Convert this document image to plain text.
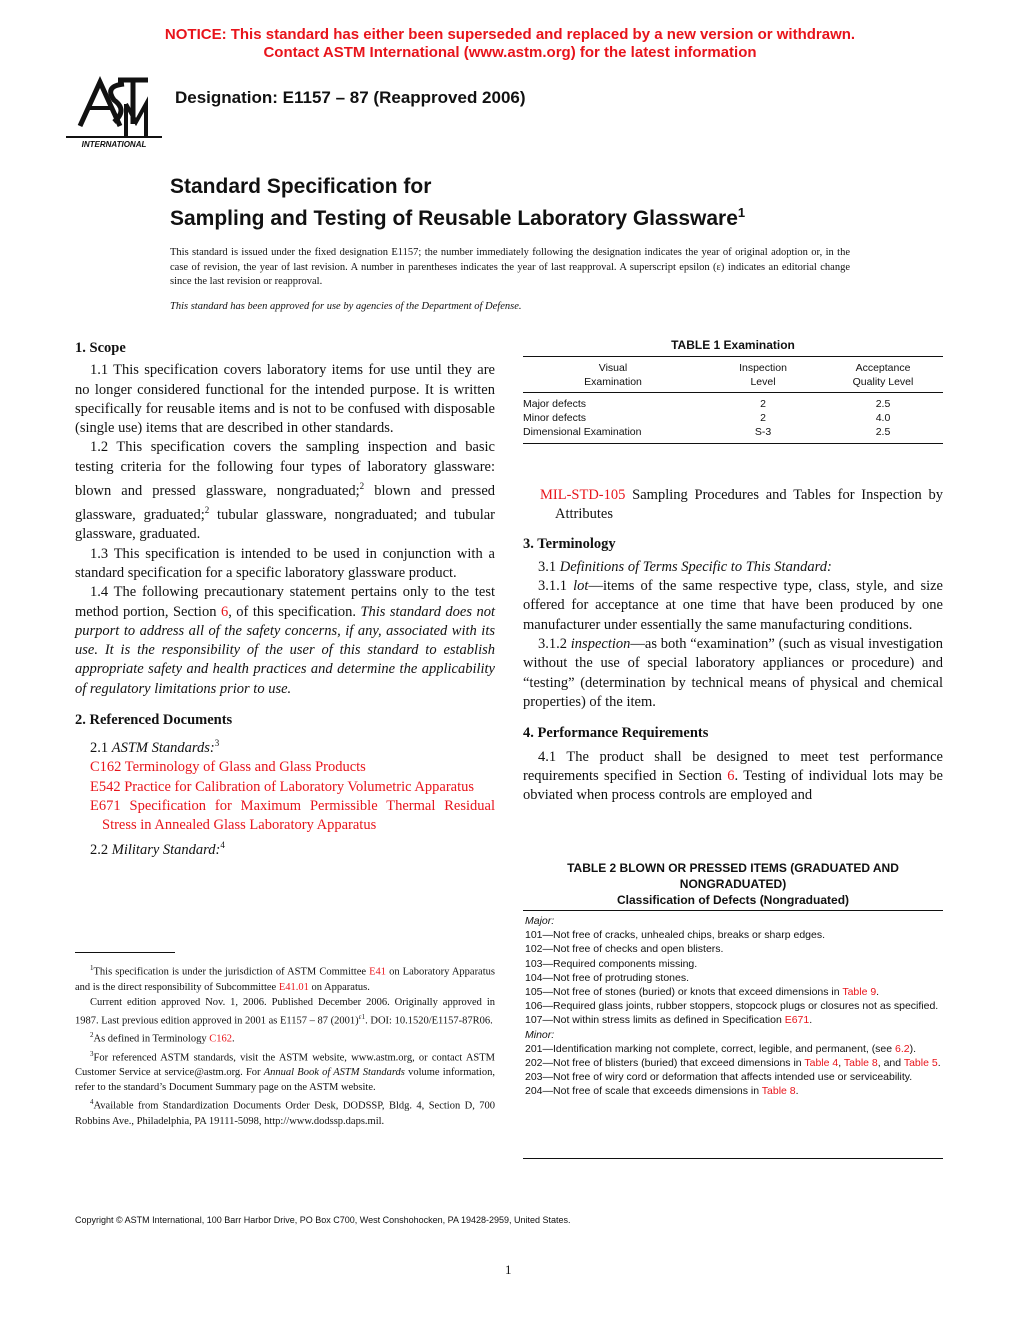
NOTICE: This standard has either been superseded and replaced by a new version or withdrawn.
Contact ASTM International (www.astm.org) for the latest information
INTERNATIONAL
ASTM
Designation: E1157 – 87 (Reapproved 2006)
Standard Specification for
Sampling and Testing of Reusable Laboratory Glassware$^1$
This standard is issued under the fixed designation E1157; the number immediately following the designation indicates the year of original adoption or, in the case of revision, the year of last revision. A number in parentheses indicates the year of last reapproval. A superscript epsilon (ε) indicates an editorial change since the last revision or reapproval.
This standard has been approved for use by agencies of the Department of Defense.
1. Scope

1.1 This specification covers laboratory items for use until they are no longer considered functional for the intended purpose. It is written specifically for reusable items and is not to be confused with disposable (single use) items that are described in other standards.

1.2 This specification covers the sampling inspection and basic testing criteria for the following four types of laboratory glassware: blown and pressed glassware, nongraduated;$^2$ blown and pressed glassware, graduated;$^2$ tubular glassware, nongraduated; and tubular glassware, graduated.

1.3 This specification is intended to be used in conjunction with a standard specification for a specific laboratory glassware product.

1.4 The following precautionary statement pertains only to the test method portion, Section 6, of this specification. This standard does not purport to address all of the safety concerns, if any, associated with its use. It is the responsibility of the user of this standard to establish appropriate safety and health practices and determine the applicability of regulatory limitations prior to use.

2. Referenced Documents

2.1 ASTM Standards:$^3$

C162 Terminology of Glass and Glass Products
E542 Practice for Calibration of Laboratory Volumetric Apparatus
E671 Specification for Maximum Permissible Thermal Residual Stress in Annealed Glass Laboratory Apparatus

2.2 Military Standard:$^4$

$^1$This specification is under the jurisdiction of ASTM Committee E41 on Laboratory Apparatus and is the direct responsibility of Subcommittee E41.01 on Apparatus.

Current edition approved Nov. 1, 2006. Published December 2006. Originally approved in 1987. Last previous edition approved in 2001 as E1157 – 87 $(2001)^{\varepsilon 1}$. DOI: 10.1520/E1157-87R06.

$^2$As defined in Terminology C162.

$^3$For referenced ASTM standards, visit the ASTM website, www.astm.org, or contact ASTM Customer Service at service@astm.org. For Annual Book of ASTM Standards volume information, refer to the standard’s Document Summary page on the ASTM website.

$^4$Available from Standardization Documents Order Desk, DODSSP, Bldg. 4, Section D, 700 Robbins Ave., Philadelphia, PA 19111-5098, http://www.dodssp.daps.mil.

TABLE 1 Examination
Visual
Examination

Inspection
Level

Acceptance
Quality Level
Major defects	2	2.5
Minor defects	2	4.0
Dimensional Examination	S-3	2.5
MIL-STD-105 Sampling Procedures and Tables for Inspection by Attributes
3. Terminology

3.1 Definitions of Terms Specific to This Standard:

3.1.1 lot—items of the same respective type, class, style, and size offered for acceptance at one time that have been produced by one manufacturer under essentially the same manufacturing conditions.

3.1.2 inspection—as both “examination” (such as visual investigation without the use of special laboratory appliances or procedure) and “testing” (determination by technical means of physical and chemical properties) of the item.

4. Performance Requirements

4.1 The product shall be designed to meet test performance requirements specified in Section 6. Testing of individual lots may be obviated when process controls are employed and

TABLE 2 BLOWN OR PRESSED ITEMS (GRADUATED AND
NONGRADUATED)
Classification of Defects (Nongraduated)
Major:
101—Not free of cracks, unhealed chips, breaks or sharp edges.
102—Not free of checks and open blisters.
103—Required components missing.
104—Not free of protruding stones.
105—Not free of stones (buried) or knots that exceed dimensions in Table 9.
106—Required glass joints, rubber stoppers, stopcock plugs or closures not as specified.
107—Not within stress limits as defined in Specification E671.
Minor:
201—Identification marking not complete, correct, legible, and permanent, (see 6.2).
202—Not free of blisters (buried) that exceed dimensions in Table 4, Table 8, and Table 5.
203—Not free of wiry cord or deformation that affects intended use or serviceability.
204—Not free of scale that exceeds dimensions in Table 8.
Copyright © ASTM International, 100 Barr Harbor Drive, PO Box C700, West Conshohocken, PA 19428-2959, United States.
1
